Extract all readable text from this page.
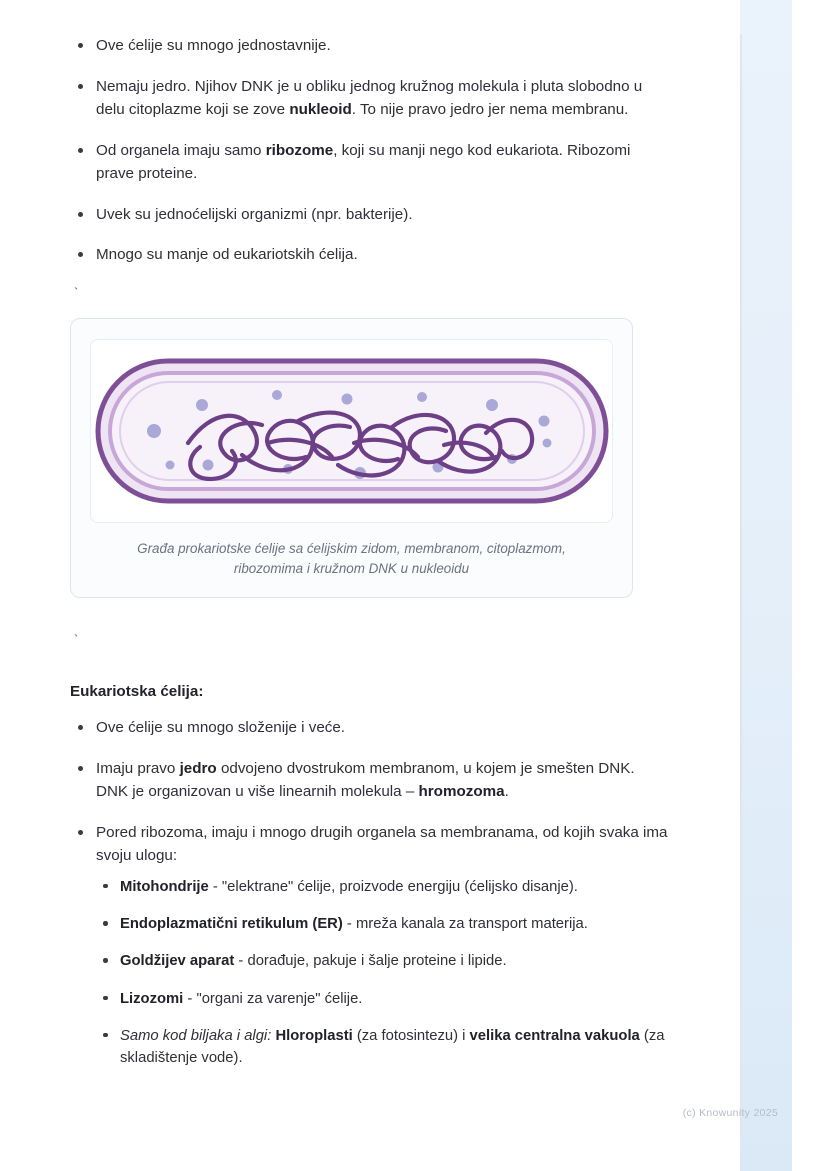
Ove ćelije su mnogo jednostavnije.
Nemaju jedro. Njihov DNK je u obliku jednog kružnog molekula i pluta slobodno u delu citoplazme koji se zove nukleoid. To nije pravo jedro jer nema membranu.
Od organela imaju samo ribozome, koji su manji nego kod eukariota. Ribozomi prave proteine.
Uvek su jednoćelijski organizmi (npr. bakterije).
Mnogo su manje od eukariotskih ćelija.
`
Građa prokariotske ćelije sa ćelijskim zidom, membranom, citoplazmom, ribozomima i kružnom DNK u nukleoidu
`
Eukariotska ćelija:
Ove ćelije su mnogo složenije i veće.
Imaju pravo jedro odvojeno dvostrukom membranom, u kojem je smešten DNK. DNK je organizovan u više linearnih molekula – hromozoma.
Pored ribozoma, imaju i mnogo drugih organela sa membranama, od kojih svaka ima svoju ulogu:
Mitohondrije - "elektrane" ćelije, proizvode energiju (ćelijsko disanje).
Endoplazmatični retikulum (ER) - mreža kanala za transport materija.
Goldžijev aparat - dorađuje, pakuje i šalje proteine i lipide.
Lizozomi - "organi za varenje" ćelije.
Samo kod biljaka i algi: Hloroplasti (za fotosintezu) i velika centralna vakuola (za skladištenje vode).
(c) Knowunity 2025
